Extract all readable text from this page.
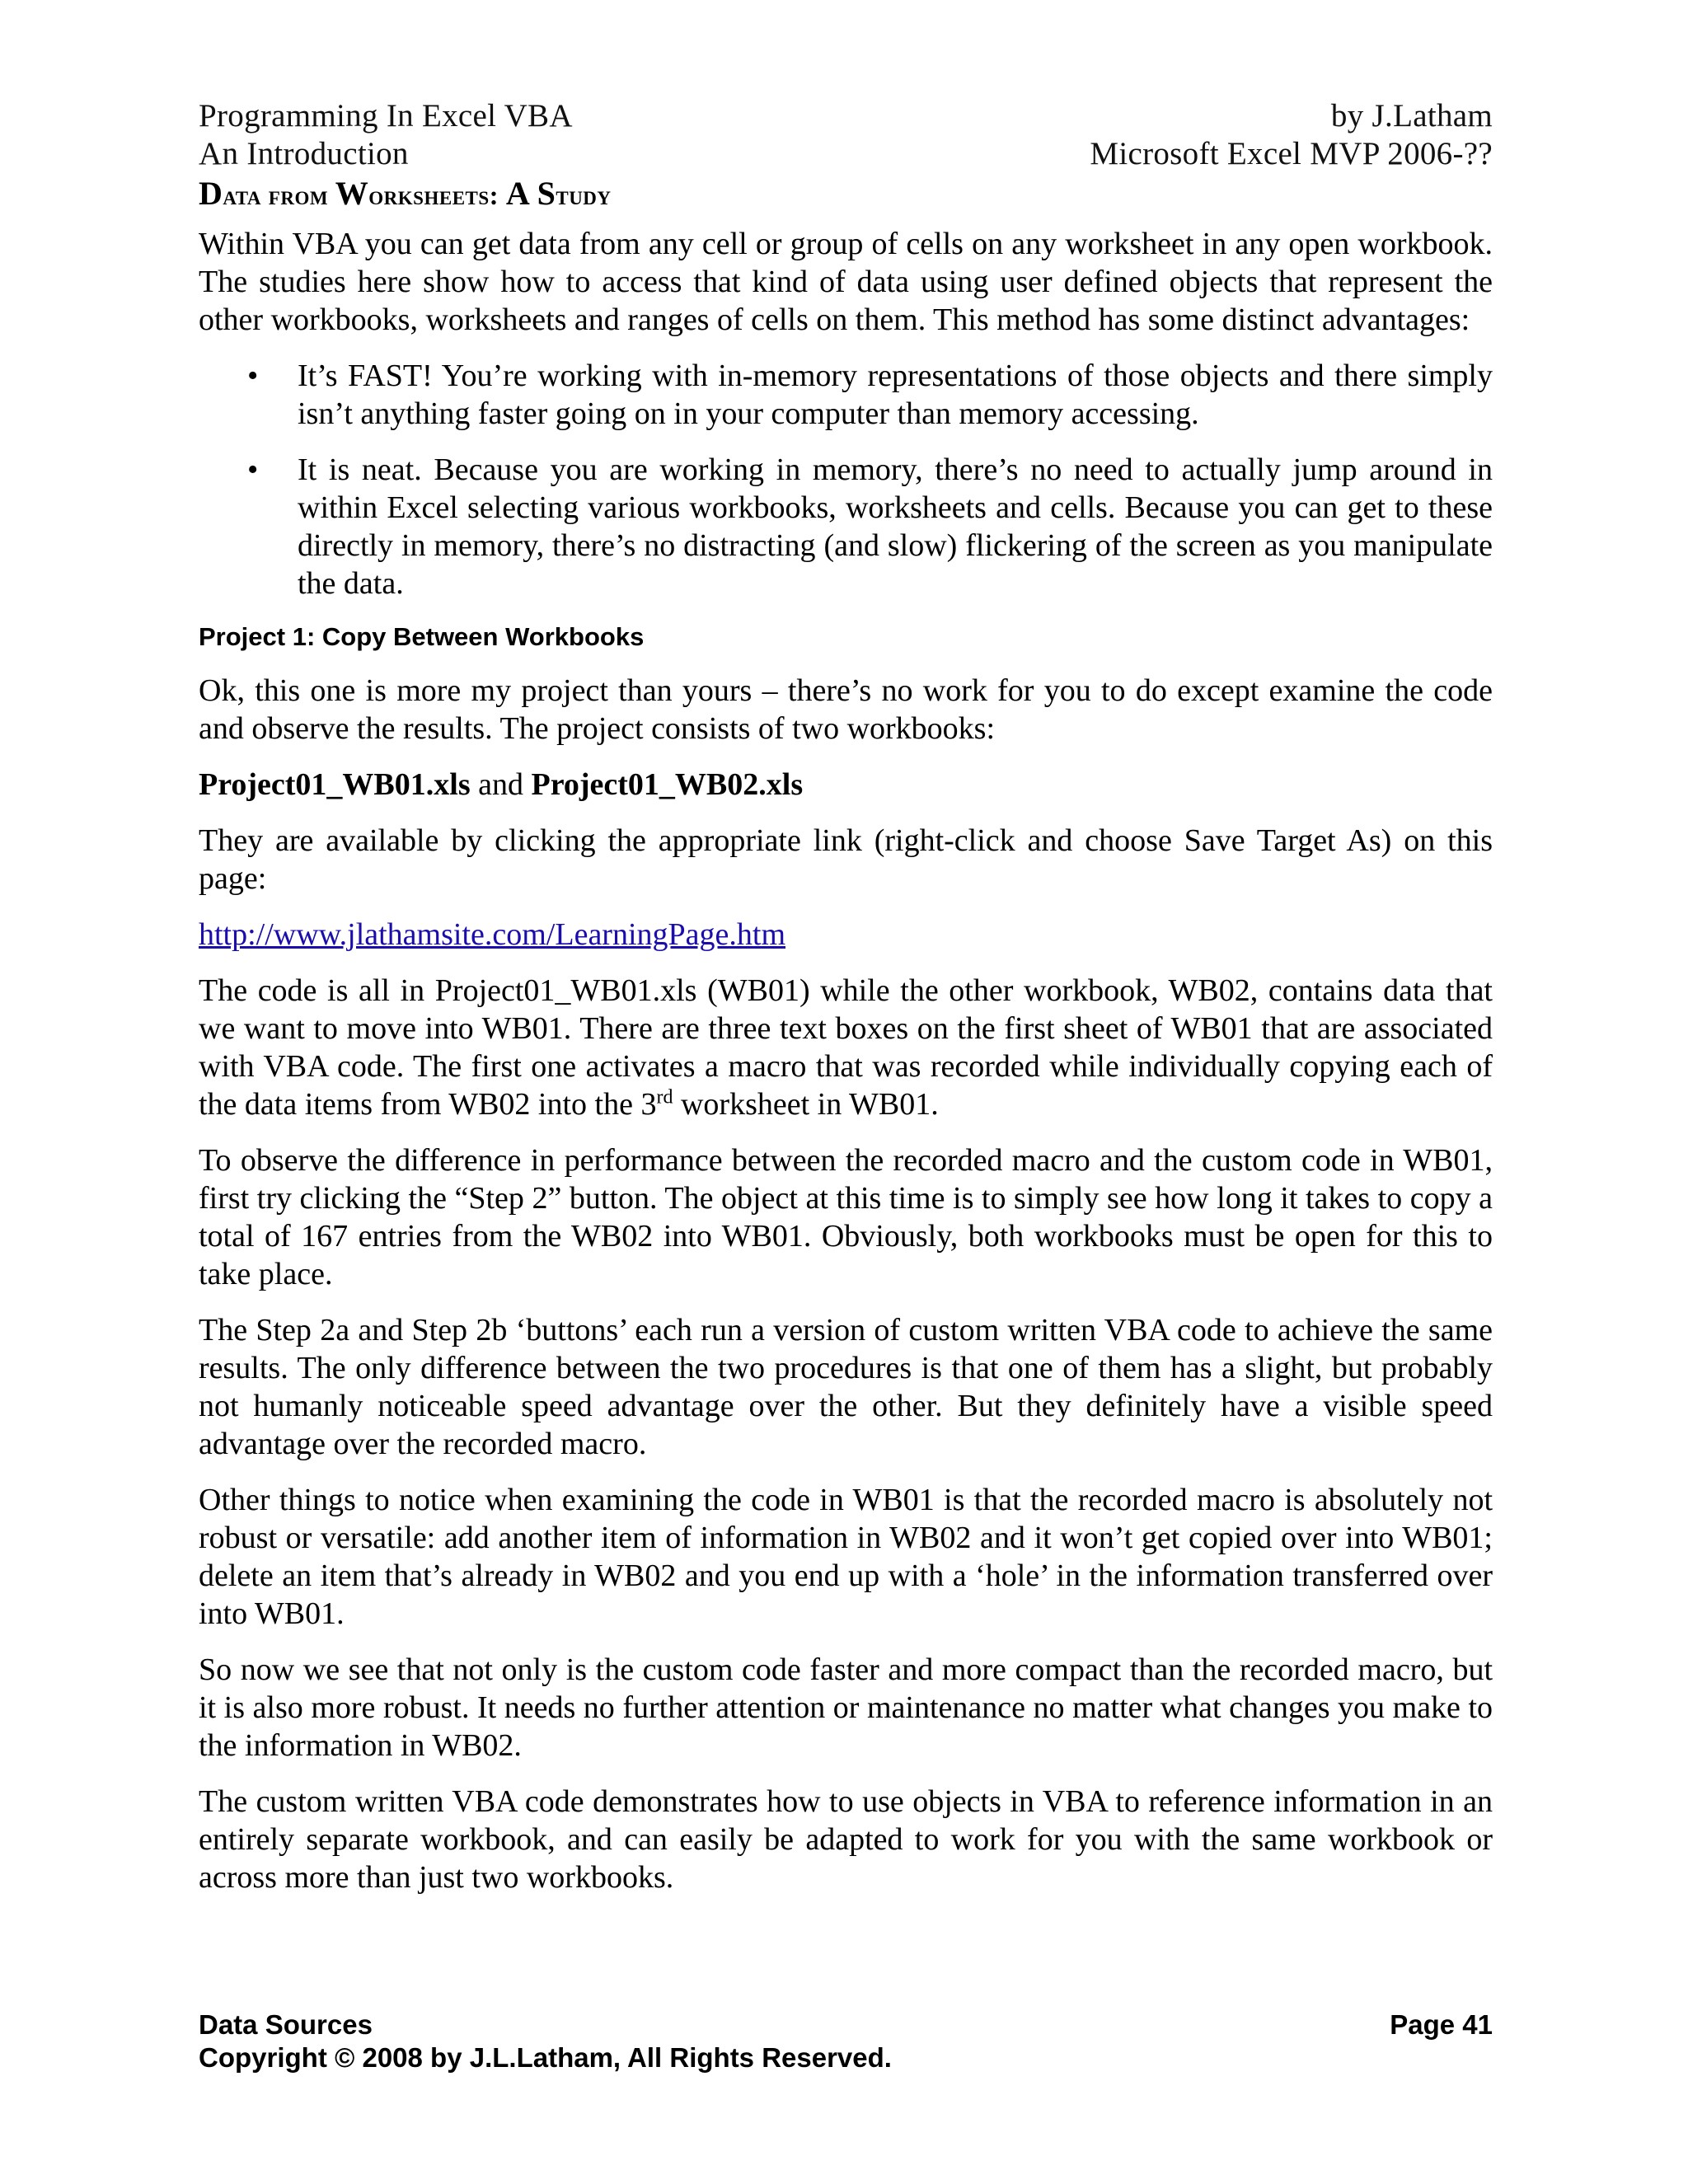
Programming In Excel VBA	by J.Latham
An Introduction	Microsoft Excel MVP 2006-??
Data from Worksheets: A Study

Within VBA you can get data from any cell or group of cells on any worksheet in any open workbook. The studies here show how to access that kind of data using user defined objects that represent the other workbooks, worksheets and ranges of cells on them. This method has some distinct advantages:

• It’s FAST! You’re working with in-memory representations of those objects and there simply isn’t anything faster going on in your computer than memory accessing.
• It is neat. Because you are working in memory, there’s no need to actually jump around in within Excel selecting various workbooks, worksheets and cells. Because you can get to these directly in memory, there’s no distracting (and slow) flickering of the screen as you manipulate the data.
Project 1: Copy Between Workbooks

Ok, this one is more my project than yours – there’s no work for you to do except examine the code and observe the results. The project consists of two workbooks:

Project01_WB01.xls and Project01_WB02.xls

They are available by clicking the appropriate link (right-click and choose Save Target As) on this page:

http://www.jlathamsite.com/LearningPage.htm

The code is all in Project01_WB01.xls (WB01) while the other workbook, WB02, contains data that we want to move into WB01. There are three text boxes on the first sheet of WB01 that are associated with VBA code. The first one activates a macro that was recorded while individually copying each of the data items from WB02 into the 3rd worksheet in WB01.

To observe the difference in performance between the recorded macro and the custom code in WB01, first try clicking the “Step 2” button. The object at this time is to simply see how long it takes to copy a total of 167 entries from the WB02 into WB01. Obviously, both workbooks must be open for this to take place.

The Step 2a and Step 2b ‘buttons’ each run a version of custom written VBA code to achieve the same results. The only difference between the two procedures is that one of them has a slight, but probably not humanly noticeable speed advantage over the other. But they definitely have a visible speed advantage over the recorded macro.

Other things to notice when examining the code in WB01 is that the recorded macro is absolutely not robust or versatile: add another item of information in WB02 and it won’t get copied over into WB01; delete an item that’s already in WB02 and you end up with a ‘hole’ in the information transferred over into WB01.

So now we see that not only is the custom code faster and more compact than the recorded macro, but it is also more robust. It needs no further attention or maintenance no matter what changes you make to the information in WB02.

The custom written VBA code demonstrates how to use objects in VBA to reference information in an entirely separate workbook, and can easily be adapted to work for you with the same workbook or across more than just two workbooks.

Data Sources	Page 41
Copyright © 2008 by J.L.Latham, All Rights Reserved.
